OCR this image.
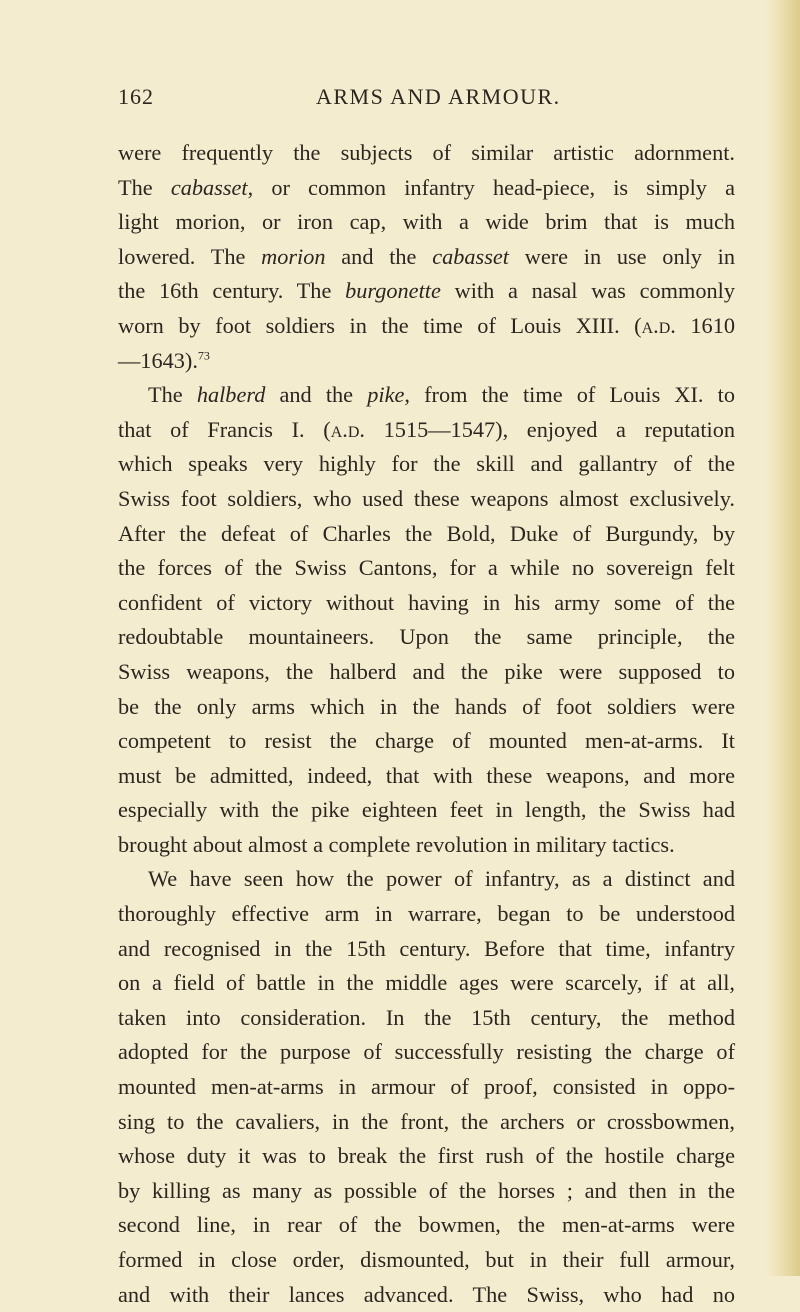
162	ARMS AND ARMOUR.

were frequently the subjects of similar artistic adornment.
The cabasset, or common infantry head-piece, is simply a
light morion, or iron cap, with a wide brim that is much
lowered. The morion and the cabasset were in use only in
the 16th century. The burgonette with a nasal was commonly
worn by foot soldiers in the time of Louis XIII. (a.d. 1610
—1643).$^{73}$

The halberd and the pike, from the time of Louis XI. to
that of Francis I. (a.d. 1515—1547), enjoyed a reputation
which speaks very highly for the skill and gallantry of the
Swiss foot soldiers, who used these weapons almost exclusively.
After the defeat of Charles the Bold, Duke of Burgundy, by
the forces of the Swiss Cantons, for a while no sovereign felt
confident of victory without having in his army some of the
redoubtable mountaineers. Upon the same principle, the
Swiss weapons, the halberd and the pike were supposed to
be the only arms which in the hands of foot soldiers were
competent to resist the charge of mounted men-at-arms. It
must be admitted, indeed, that with these weapons, and more
especially with the pike eighteen feet in length, the Swiss had
brought about almost a complete revolution in military tactics.

We have seen how the power of infantry, as a distinct and
thoroughly effective arm in warrare, began to be understood
and recognised in the 15th century. Before that time, infantry
on a field of battle in the middle ages were scarcely, if at all,
taken into consideration. In the 15th century, the method
adopted for the purpose of successfully resisting the charge of
mounted men-at-arms in armour of proof, consisted in oppo-
sing to the cavaliers, in the front, the archers or crossbowmen,
whose duty it was to break the first rush of the hostile charge
by killing as many as possible of the horses ; and then in the
second line, in rear of the bowmen, the men-at-arms were
formed in close order, dismounted, but in their full armour,
and with their lances advanced. The Swiss, who had no
